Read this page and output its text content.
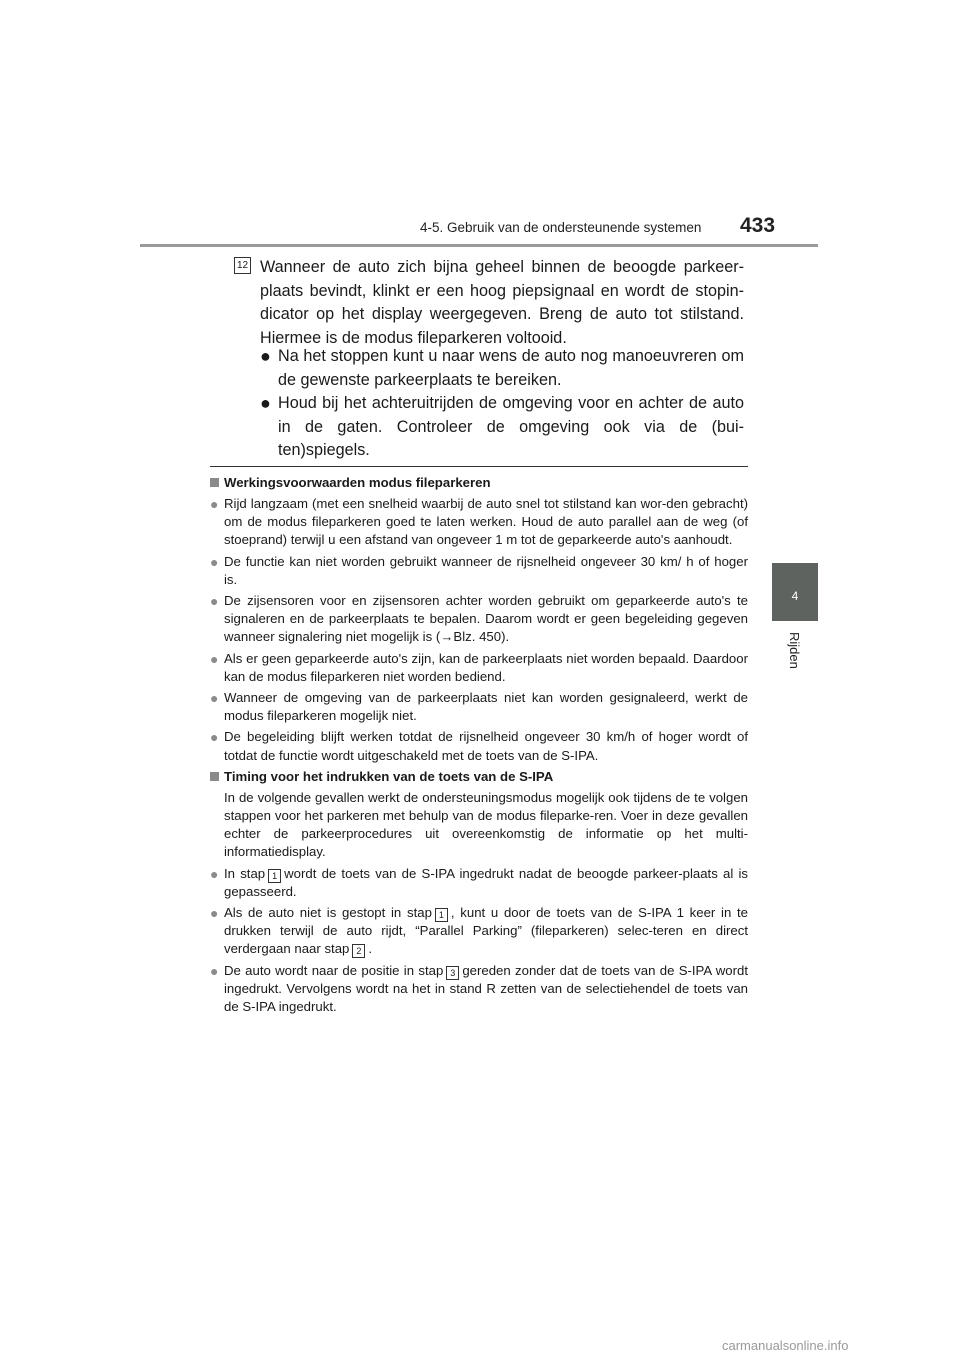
4-5. Gebruik van de ondersteunende systemen 433
4
Rijden
12 Wanneer de auto zich bijna geheel binnen de beoogde parkeer-plaats bevindt, klinkt er een hoog piepsignaal en wordt de stopin-dicator op het display weergegeven. Breng de auto tot stilstand. Hiermee is de modus fileparkeren voltooid.
● Na het stoppen kunt u naar wens de auto nog manoeuvreren om de gewenste parkeerplaats te bereiken.
● Houd bij het achteruitrijden de omgeving voor en achter de auto in de gaten. Controleer de omgeving ook via de (bui-ten)spiegels.
Werkingsvoorwaarden modus fileparkeren
● Rijd langzaam (met een snelheid waarbij de auto snel tot stilstand kan wor-den gebracht) om de modus fileparkeren goed te laten werken. Houd de auto parallel aan de weg (of stoeprand) terwijl u een afstand van ongeveer 1 m tot de geparkeerde auto's aanhoudt.
● De functie kan niet worden gebruikt wanneer de rijsnelheid ongeveer 30 km/ h of hoger is.
● De zijsensoren voor en zijsensoren achter worden gebruikt om geparkeerde auto's te signaleren en de parkeerplaats te bepalen. Daarom wordt er geen begeleiding gegeven wanneer signalering niet mogelijk is (→Blz. 450).
● Als er geen geparkeerde auto's zijn, kan de parkeerplaats niet worden bepaald. Daardoor kan de modus fileparkeren niet worden bediend.
● Wanneer de omgeving van de parkeerplaats niet kan worden gesignaleerd, werkt de modus fileparkeren mogelijk niet.
● De begeleiding blijft werken totdat de rijsnelheid ongeveer 30 km/h of hoger wordt of totdat de functie wordt uitgeschakeld met de toets van de S-IPA.
Timing voor het indrukken van de toets van de S-IPA
In de volgende gevallen werkt de ondersteuningsmodus mogelijk ook tijdens de te volgen stappen voor het parkeren met behulp van de modus fileparke-ren. Voer in deze gevallen echter de parkeerprocedures uit overeenkomstig de informatie op het multi-informatiedisplay.
● In stap 1 wordt de toets van de S-IPA ingedrukt nadat de beoogde parkeer-plaats al is gepasseerd.
● Als de auto niet is gestopt in stap 1 , kunt u door de toets van de S-IPA 1 keer in te drukken terwijl de auto rijdt, “Parallel Parking” (fileparkeren) selec-teren en direct verdergaan naar stap 2 .
● De auto wordt naar de positie in stap 3 gereden zonder dat de toets van de S-IPA wordt ingedrukt. Vervolgens wordt na het in stand R zetten van de selectiehendel de toets van de S-IPA ingedrukt.
carmanualsonline.info
